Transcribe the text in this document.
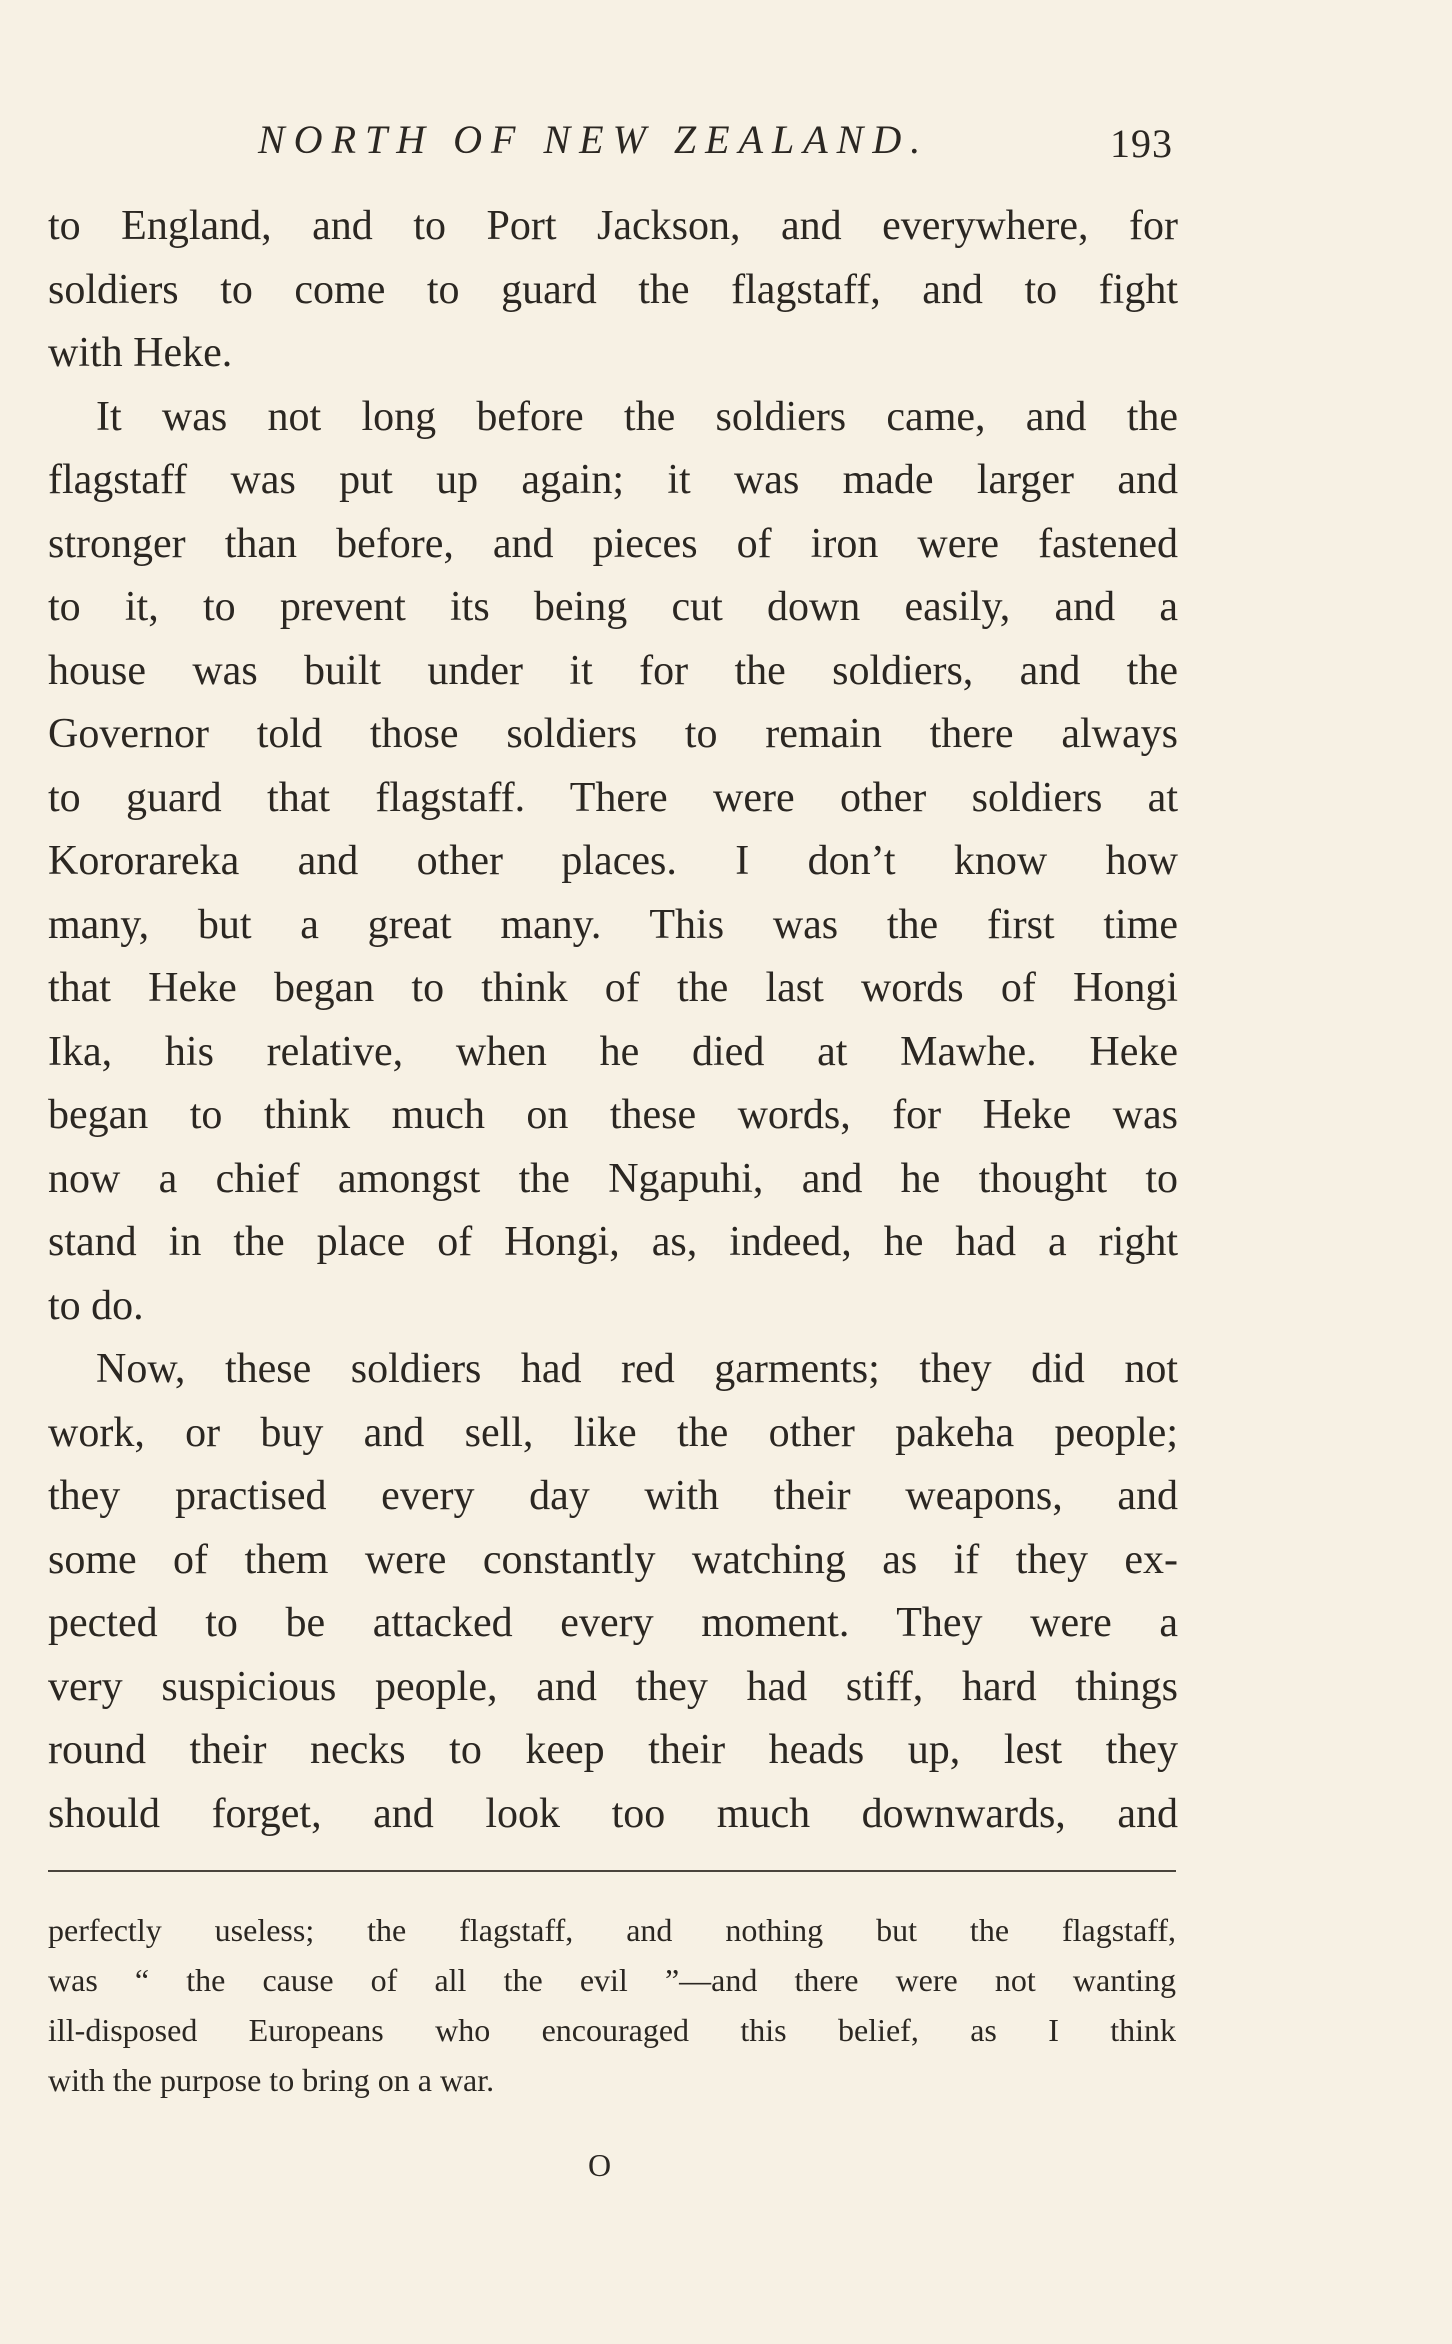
NORTH OF NEW ZEALAND.	193
to England, and to Port Jackson, and everywhere, for
soldiers to come to guard the flagstaff, and to fight
with Heke.
It was not long before the soldiers came, and the
flagstaff was put up again; it was made larger and
stronger than before, and pieces of iron were fastened
to it, to prevent its being cut down easily, and a
house was built under it for the soldiers, and the
Governor told those soldiers to remain there always
to guard that flagstaff. There were other soldiers at
Kororareka and other places. I don’t know how
many, but a great many. This was the first time
that Heke began to think of the last words of Hongi
Ika, his relative, when he died at Mawhe. Heke
began to think much on these words, for Heke was
now a chief amongst the Ngapuhi, and he thought to
stand in the place of Hongi, as, indeed, he had a right
to do.
Now, these soldiers had red garments; they did not
work, or buy and sell, like the other pakeha people;
they practised every day with their weapons, and
some of them were constantly watching as if they ex-
pected to be attacked every moment. They were a
very suspicious people, and they had stiff, hard things
round their necks to keep their heads up, lest they
should forget, and look too much downwards, and
perfectly useless; the flagstaff, and nothing but the flagstaff,
was “ the cause of all the evil ”—and there were not wanting
ill-disposed Europeans who encouraged this belief, as I think
with the purpose to bring on a war.
O
